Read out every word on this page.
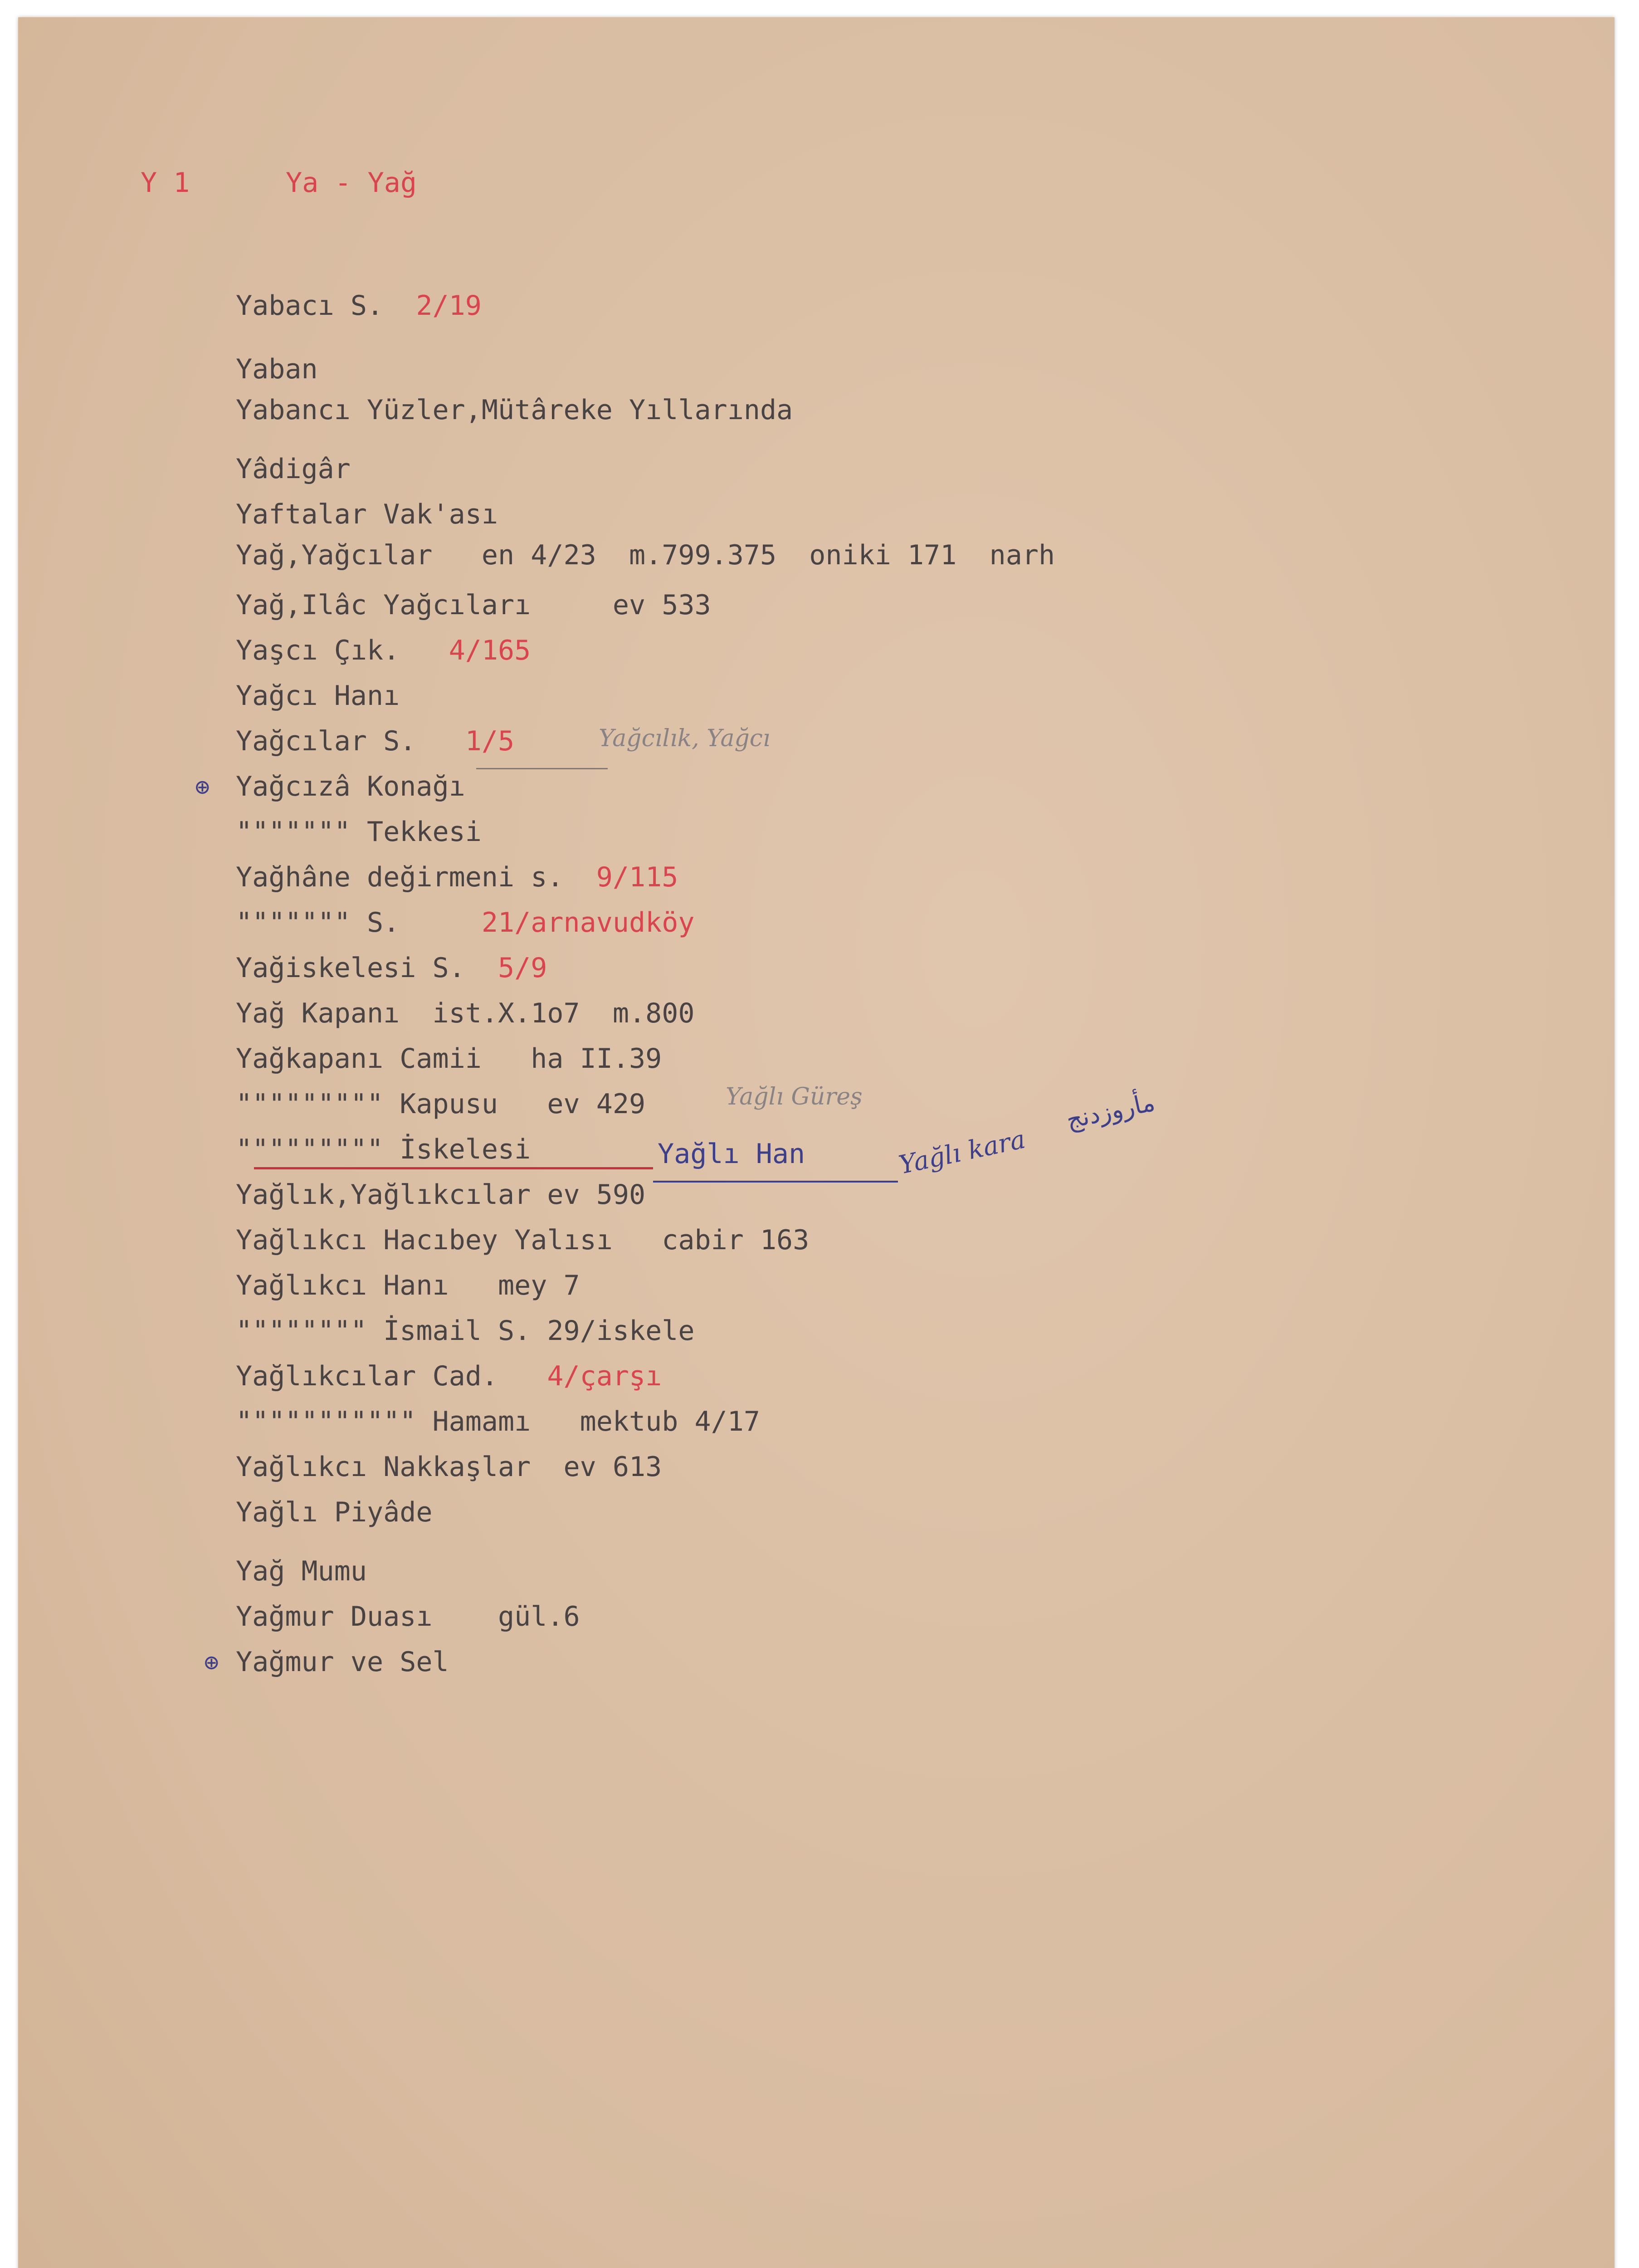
Y 1	Ya - Yağ
Yabacı S.  2/19
Yaban
Yabancı Yüzler,Mütâreke Yıllarında
Yâdigâr
Yaftalar Vak'ası
Yağ,Yağcılar   en 4/23  m.799.375  oniki 171  narh
Yağ,Ilâc Yağcıları     ev 533
Yaşcı Çık.   4/165
Yağcı Hanı
Yağcılar S.   1/5
Yağcızâ Konağı
""""""" Tekkesi
Yağhâne değirmeni s.  9/115
""""""" S.     21/arnavudköy
Yağiskelesi S.  5/9
Yağ Kapanı  ist.X.1o7  m.800
Yağkapanı Camii   ha II.39
""""""""" Kapusu   ev 429
""""""""" İskelesi
Yağlık,Yağlıkcılar ev 590
Yağlıkcı Hacıbey Yalısı   cabir 163
Yağlıkcı Hanı   mey 7
"""""""" İsmail S. 29/iskele
Yağlıkcılar Cad.   4/çarşı
""""""""""" Hamamı   mektub 4/17
Yağlıkcı Nakkaşlar  ev 613
Yağlı Piyâde
Yağ Mumu
Yağmur Duası    gül.6
Yağmur ve Sel
⊕
⊕
Yağcılık, Yağcı
Yağlı Güreş
Yağlı Han	Yağlı kara
مأروزدنج
